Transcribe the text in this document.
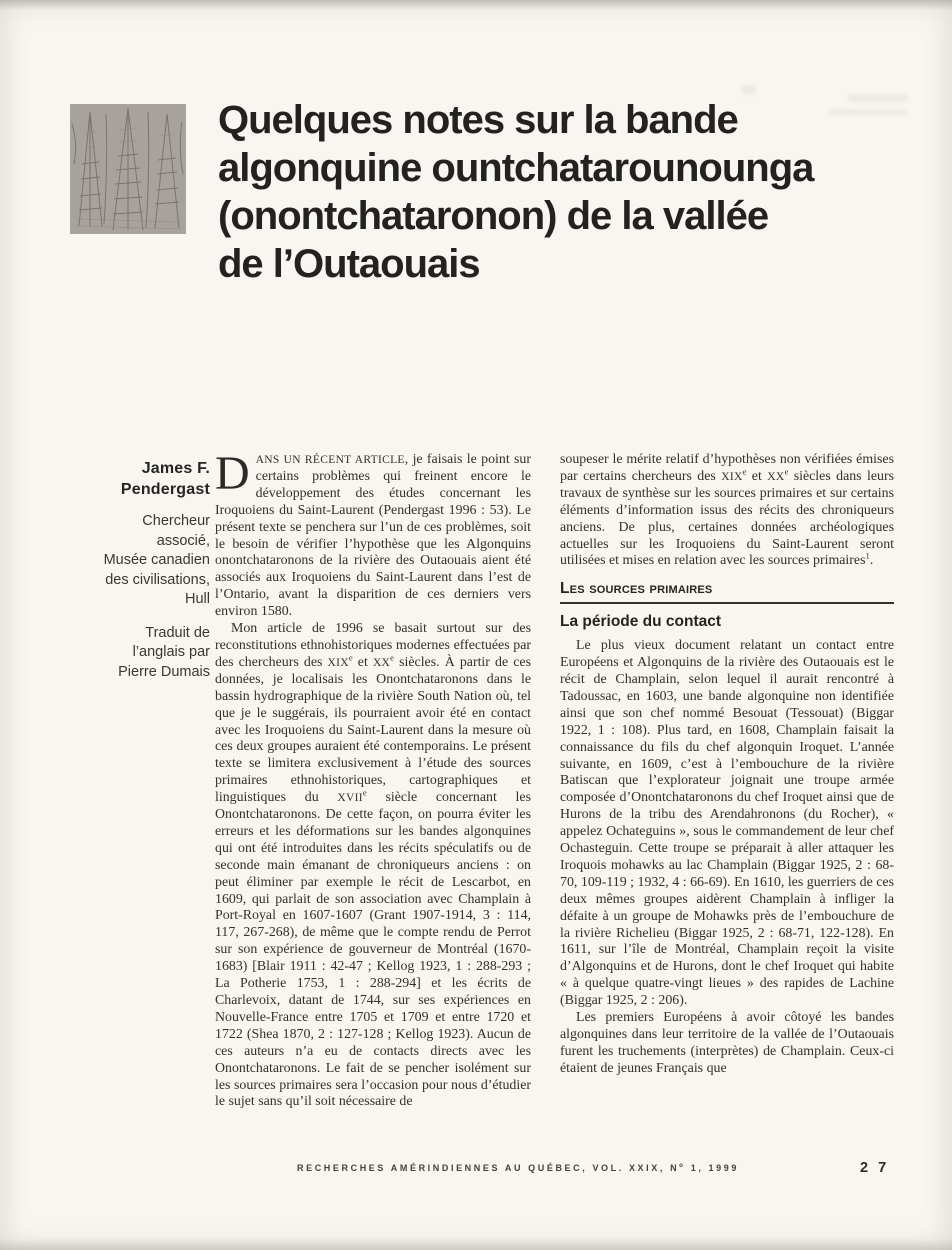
Quelques notes sur la bande
algonquine ountchatarounounga
(onontchataronon) de la vallée
de l’Outaouais
James F.
Pendergast
Chercheur
associé,
Musée canadien
des civilisations,
Hull
Traduit de
l’anglais par
Pierre Dumais

DANS UN RÉCENT ARTICLE, je faisais le point sur certains problèmes qui freinent encore le développement des études concernant les Iroquoiens du Saint-Laurent (Pendergast 1996 : 53). Le présent texte se penchera sur l’un de ces problèmes, soit le besoin de vérifier l’hypothèse que les Algonquins onontchataronons de la rivière des Outaouais aient été associés aux Iroquoiens du Saint-Laurent dans l’est de l’Ontario, avant la disparition de ces derniers vers environ 1580.

Mon article de 1996 se basait surtout sur des reconstitutions ethnohistoriques modernes effectuées par des chercheurs des XIXe et XXe siècles. À partir de ces données, je localisais les Onontchataronons dans le bassin hydrographique de la rivière South Nation où, tel que je le suggérais, ils pourraient avoir été en contact avec les Iroquoiens du Saint-Laurent dans la mesure où ces deux groupes auraient été contemporains. Le présent texte se limitera exclusivement à l’étude des sources primaires ethnohistoriques, cartographiques et linguistiques du XVIIe siècle concernant les Onontchataronons. De cette façon, on pourra éviter les erreurs et les déformations sur les bandes algonquines qui ont été introduites dans les récits spéculatifs ou de seconde main émanant de chroniqueurs anciens : on peut éliminer par exemple le récit de Lescarbot, en 1609, qui parlait de son association avec Champlain à Port-Royal en 1607-1607 (Grant 1907-1914, 3 : 114, 117, 267-268), de même que le compte rendu de Perrot sur son expérience de gouverneur de Montréal (1670-1683) [Blair 1911 : 42-47 ; Kellog 1923, 1 : 288-293 ; La Potherie 1753, 1 : 288-294] et les écrits de Charlevoix, datant de 1744, sur ses expériences en Nouvelle-France entre 1705 et 1709 et entre 1720 et 1722 (Shea 1870, 2 : 127-128 ; Kellog 1923). Aucun de ces auteurs n’a eu de contacts directs avec les Onontchataronons. Le fait de se pencher isolément sur les sources primaires sera l’occasion pour nous d’étudier le sujet sans qu’il soit nécessaire de

soupeser le mérite relatif d’hypothèses non vérifiées émises par certains chercheurs des XIXe et XXe siècles dans leurs travaux de synthèse sur les sources primaires et sur certains éléments d’information issus des récits des chroniqueurs anciens. De plus, certaines données archéologiques actuelles sur les Iroquoiens du Saint-Laurent seront utilisées et mises en relation avec les sources primaires$^1$.

Les sources primaires
La période du contact

Le plus vieux document relatant un contact entre Européens et Algonquins de la rivière des Outaouais est le récit de Champlain, selon lequel il aurait rencontré à Tadoussac, en 1603, une bande algonquine non identifiée ainsi que son chef nommé Besouat (Tessouat) (Biggar 1922, 1 : 108). Plus tard, en 1608, Champlain faisait la connaissance du fils du chef algonquin Iroquet. L’année suivante, en 1609, c’est à l’embouchure de la rivière Batiscan que l’explorateur joignait une troupe armée composée d’Onontchataronons du chef Iroquet ainsi que de Hurons de la tribu des Arendahronons (du Rocher), « appelez Ochateguins », sous le commandement de leur chef Ochasteguin. Cette troupe se préparait à aller attaquer les Iroquois mohawks au lac Champlain (Biggar 1925, 2 : 68-70, 109-119 ; 1932, 4 : 66-69). En 1610, les guerriers de ces deux mêmes groupes aidèrent Champlain à infliger la défaite à un groupe de Mohawks près de l’embouchure de la rivière Richelieu (Biggar 1925, 2 : 68-71, 122-128). En 1611, sur l’île de Montréal, Champlain reçoit la visite d’Algonquins et de Hurons, dont le chef Iroquet qui habite « à quelque quatre-vingt lieues » des rapides de Lachine (Biggar 1925, 2 : 206).

Les premiers Européens à avoir côtoyé les bandes algonquines dans leur territoire de la vallée de l’Outaouais furent les truchements (interprètes) de Champlain. Ceux-ci étaient de jeunes Français que

RECHERCHES AMÉRINDIENNES AU QUÉBEC, VOL. XXIX, $N^o$ 1, 1999	2 7
